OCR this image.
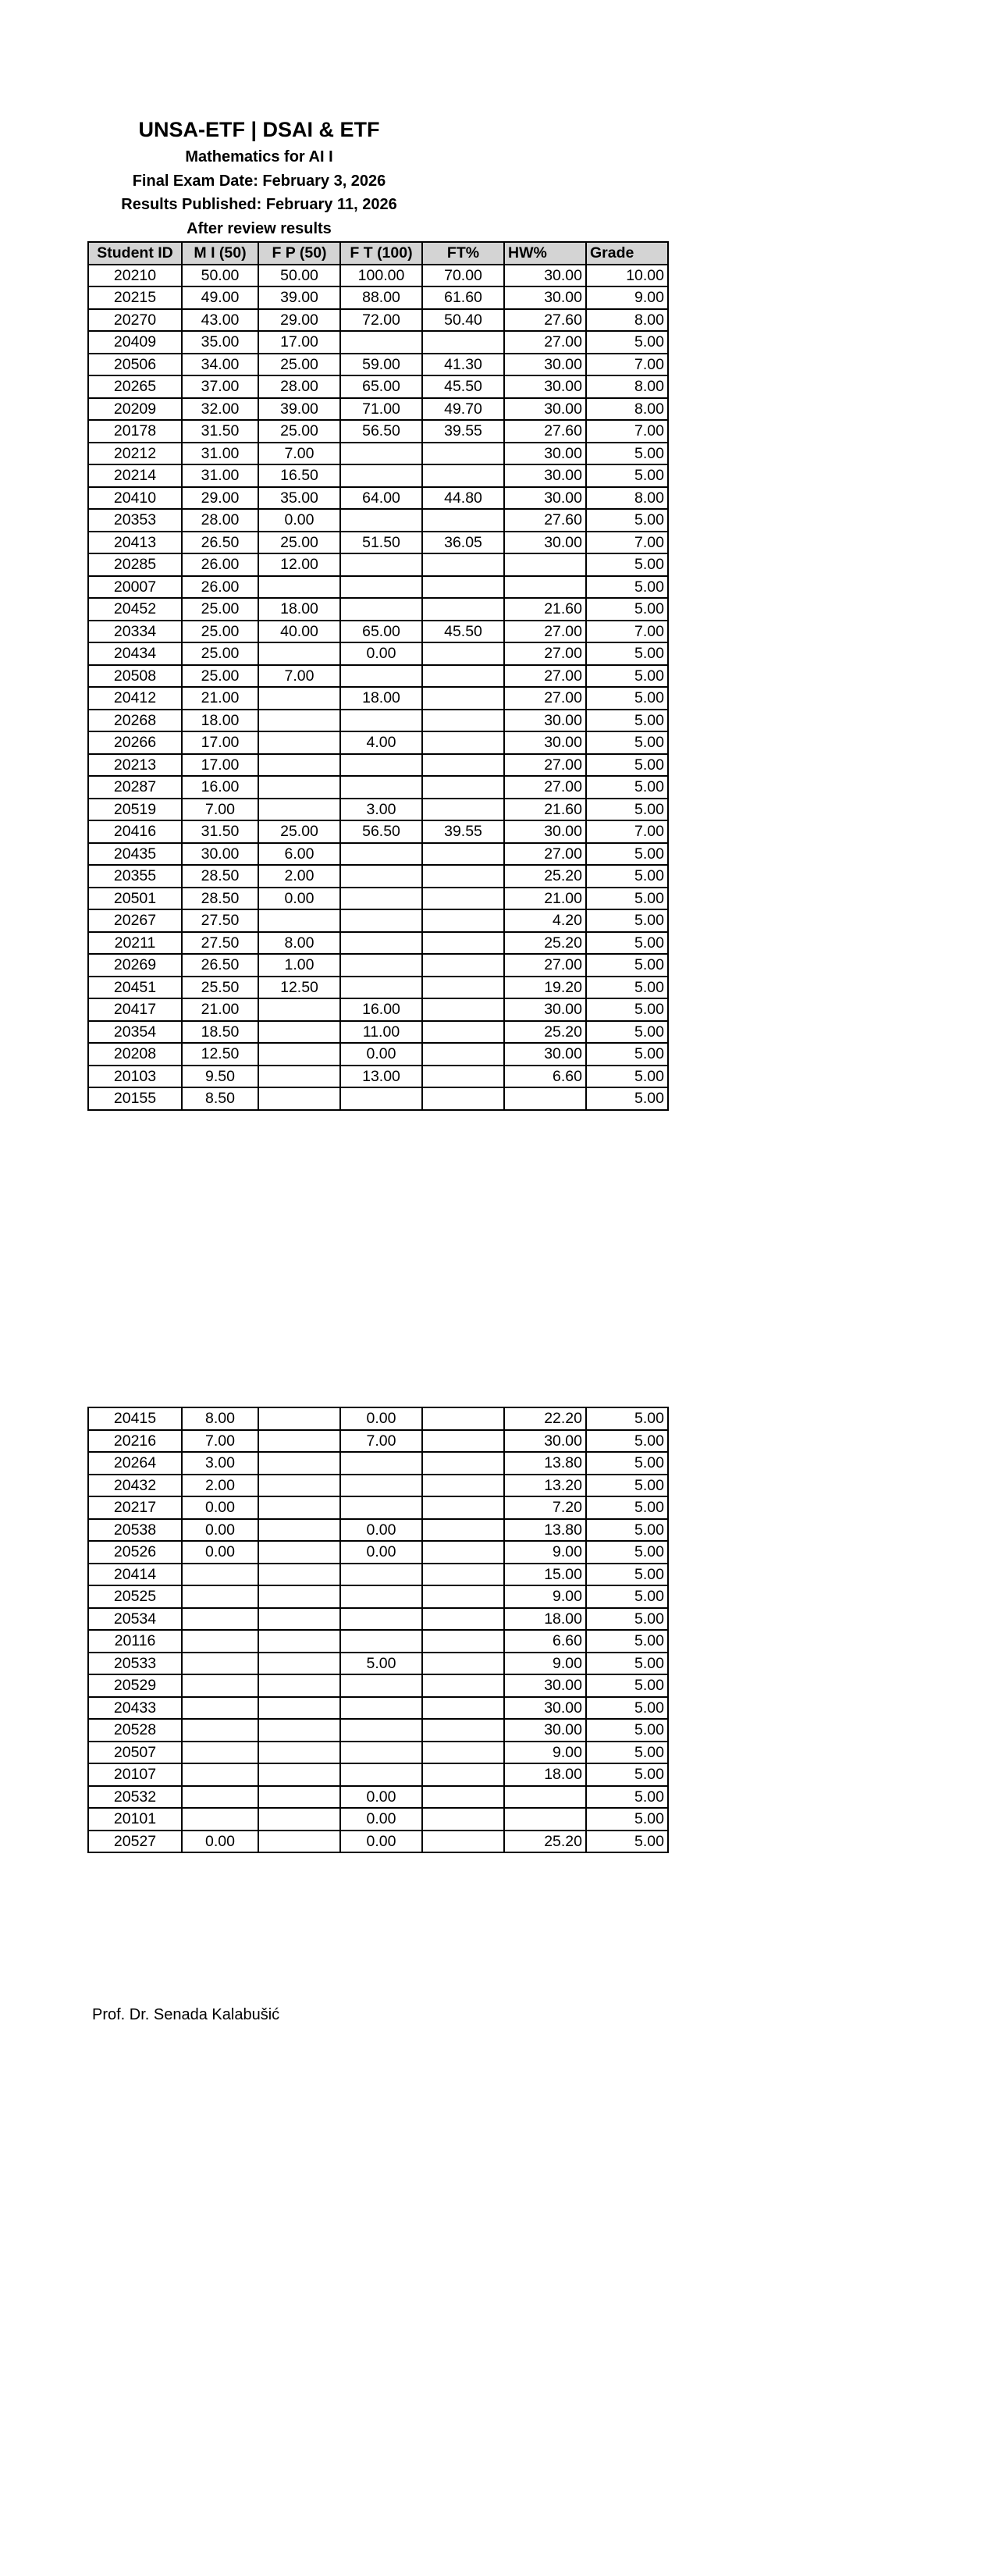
UNSA-ETF | DSAI & ETF
Mathematics for AI I
Final Exam Date: February 3, 2026
Results Published: February 11, 2026
After review results
Student ID	M I (50)	F P (50)	F T (100)	FT%	HW%	Grade
20210	50.00	50.00	100.00	70.00	30.00	10.00
20215	49.00	39.00	88.00	61.60	30.00	9.00
20270	43.00	29.00	72.00	50.40	27.60	8.00
20409	35.00	17.00			27.00	5.00
20506	34.00	25.00	59.00	41.30	30.00	7.00
20265	37.00	28.00	65.00	45.50	30.00	8.00
20209	32.00	39.00	71.00	49.70	30.00	8.00
20178	31.50	25.00	56.50	39.55	27.60	7.00
20212	31.00	7.00			30.00	5.00
20214	31.00	16.50			30.00	5.00
20410	29.00	35.00	64.00	44.80	30.00	8.00
20353	28.00	0.00			27.60	5.00
20413	26.50	25.00	51.50	36.05	30.00	7.00
20285	26.00	12.00				5.00
20007	26.00					5.00
20452	25.00	18.00			21.60	5.00
20334	25.00	40.00	65.00	45.50	27.00	7.00
20434	25.00		0.00		27.00	5.00
20508	25.00	7.00			27.00	5.00
20412	21.00		18.00		27.00	5.00
20268	18.00				30.00	5.00
20266	17.00		4.00		30.00	5.00
20213	17.00				27.00	5.00
20287	16.00				27.00	5.00
20519	7.00		3.00		21.60	5.00
20416	31.50	25.00	56.50	39.55	30.00	7.00
20435	30.00	6.00			27.00	5.00
20355	28.50	2.00			25.20	5.00
20501	28.50	0.00			21.00	5.00
20267	27.50				4.20	5.00
20211	27.50	8.00			25.20	5.00
20269	26.50	1.00			27.00	5.00
20451	25.50	12.50			19.20	5.00
20417	21.00		16.00		30.00	5.00
20354	18.50		11.00		25.20	5.00
20208	12.50		0.00		30.00	5.00
20103	9.50		13.00		6.60	5.00
20155	8.50					5.00
20415	8.00		0.00		22.20	5.00
20216	7.00		7.00		30.00	5.00
20264	3.00				13.80	5.00
20432	2.00				13.20	5.00
20217	0.00				7.20	5.00
20538	0.00		0.00		13.80	5.00
20526	0.00		0.00		9.00	5.00
20414					15.00	5.00
20525					9.00	5.00
20534					18.00	5.00
20116					6.60	5.00
20533			5.00		9.00	5.00
20529					30.00	5.00
20433					30.00	5.00
20528					30.00	5.00
20507					9.00	5.00
20107					18.00	5.00
20532			0.00			5.00
20101			0.00			5.00
20527	0.00		0.00		25.20	5.00
Prof. Dr. Senada Kalabušić
